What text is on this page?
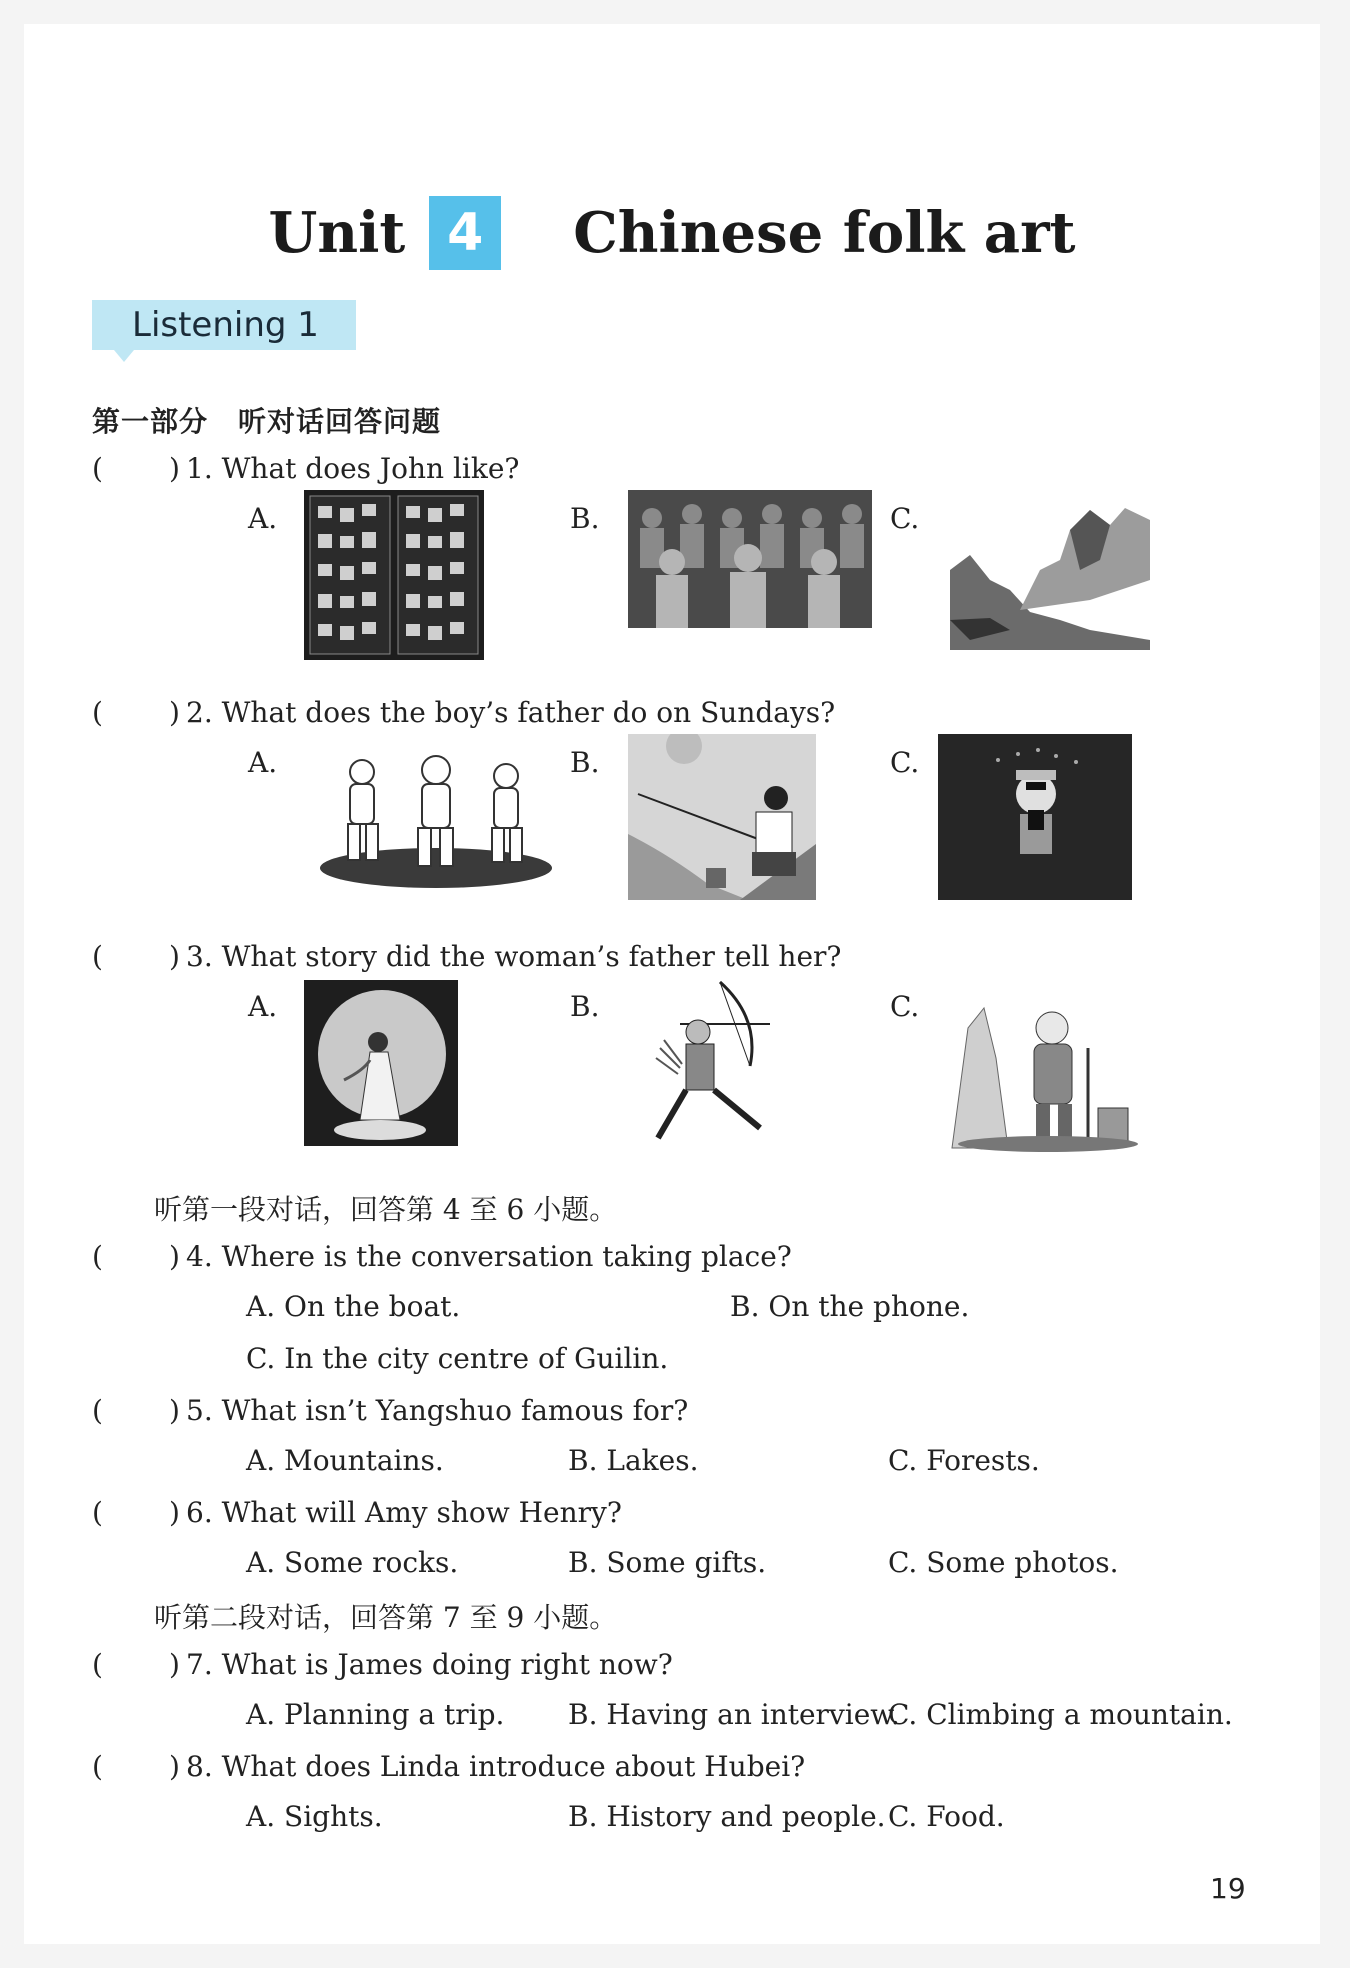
Unit 4 Chinese folk art
Listening 1
第一部分 听对话回答问题
( ) 1. What does John like?
A.	B.	C.
( ) 2. What does the boy’s father do on Sundays?
A.	B.	C.
( ) 3. What story did the woman’s father tell her?
A.	B.	C.
听第一段对话，回答第 4 至 6 小题。
( ) 4. Where is the conversation taking place?
A. On the boat.	B. On the phone.
C. In the city centre of Guilin.
( ) 5. What isn’t Yangshuo famous for?
A. Mountains.	B. Lakes.	C. Forests.
( ) 6. What will Amy show Henry?
A. Some rocks.	B. Some gifts.	C. Some photos.
听第二段对话，回答第 7 至 9 小题。
( ) 7. What is James doing right now?
A. Planning a trip. B. Having an interview.
C. Climbing a mountain.
( ) 8. What does Linda introduce about Hubei?
A. Sights.	B. History and people. C. Food.
19
